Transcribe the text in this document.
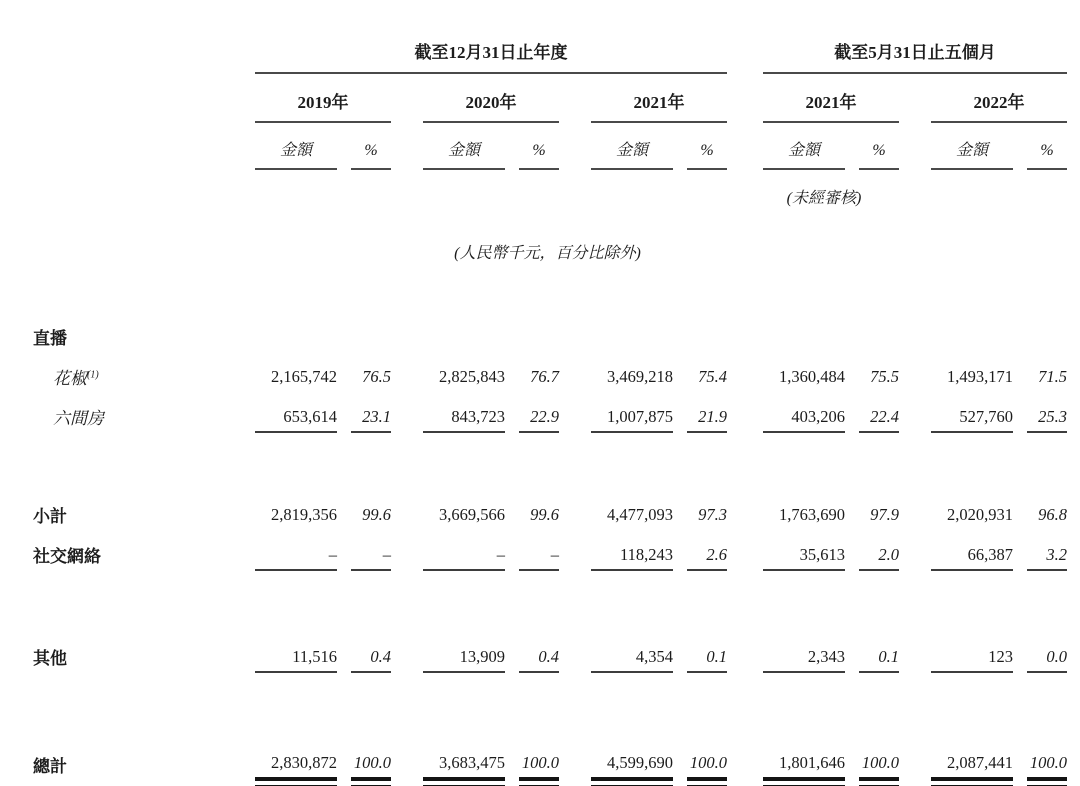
	截至12月31日止年度									截至5月31日止五個月					

	2019年			2020年			2021年			2021年			2022年		

	金額	%		金額	%		金額	%		金額	%		金額	%	

										(未經審核)					
(人民幣千元，百分比除外)															

直播															
花椒$^{(1)}$	2,165,742	76.5		2,825,843	76.7		3,469,218	75.4		1,360,484	75.5		1,493,171	71.5	

六間房	653,614	23.1		843,723	22.9		1,007,875	21.9		403,206	22.4		527,760	25.3	

小計	2,819,356	99.6		3,669,566	99.6		4,477,093	97.3		1,763,690	97.9		2,020,931	96.8	

社交網絡	–	–		–	–		118,243	2.6		35,613	2.0		66,387	3.2	

其他	11,516	0.4		13,909	0.4		4,354	0.1		2,343	0.1		123	0.0	

總計	2,830,872	100.0		3,683,475	100.0		4,599,690	100.0		1,801,646	100.0		2,087,441	100.0	
